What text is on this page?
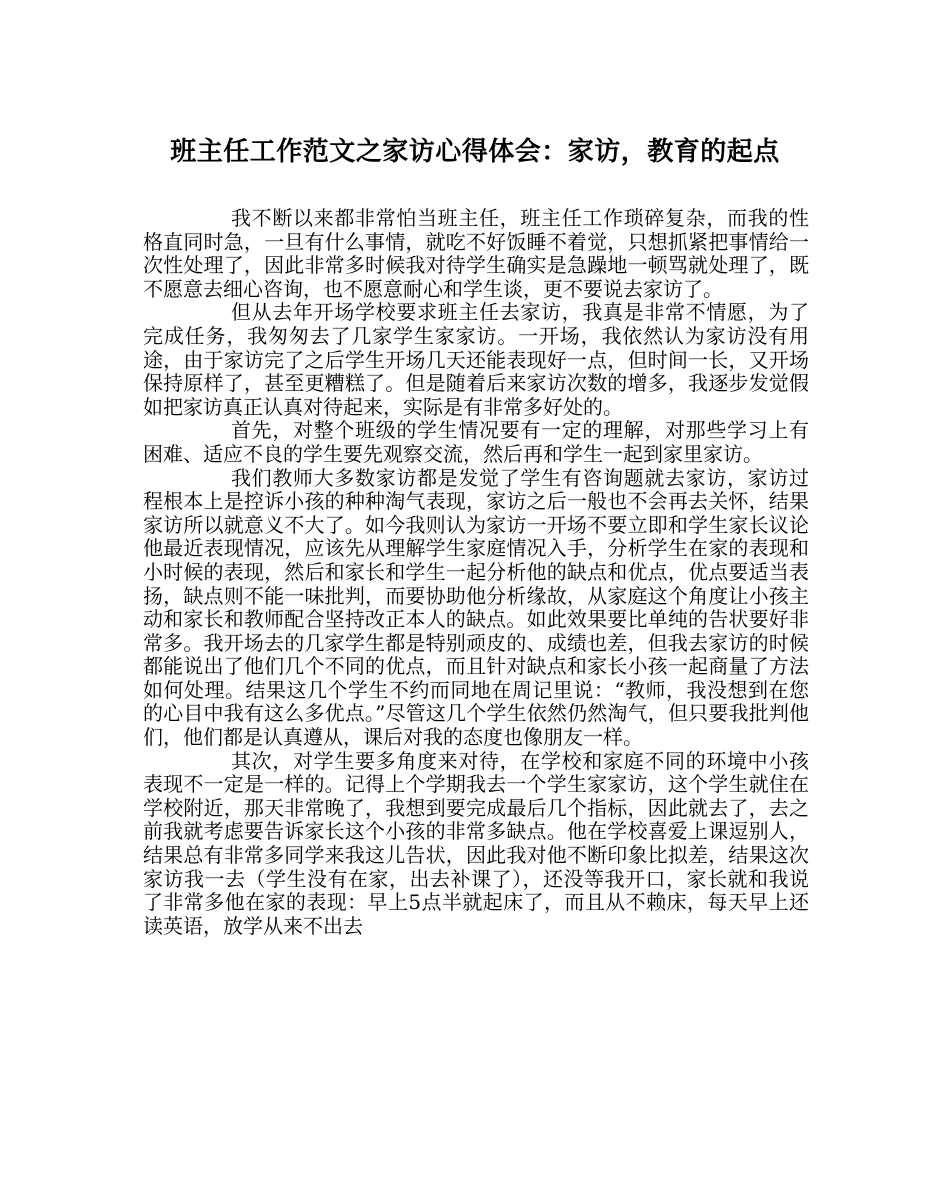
班主任工作范文之家访心得体会：家访，教育的起点

我不断以来都非常怕当班主任，班主任工作琐碎复杂，而我的性格直同时急，一旦有什么事情，就吃不好饭睡不着觉，只想抓紧把事情给一次性处理了，因此非常多时候我对待学生确实是急躁地一顿骂就处理了，既不愿意去细心咨询，也不愿意耐心和学生谈，更不要说去家访了。

但从去年开场学校要求班主任去家访，我真是非常不情愿，为了完成任务，我匆匆去了几家学生家家访。一开场，我依然认为家访没有用途，由于家访完了之后学生开场几天还能表现好一点，但时间一长，又开场保持原样了，甚至更糟糕了。但是随着后来家访次数的增多，我逐步发觉假如把家访真正认真对待起来，实际是有非常多好处的。

首先，对整个班级的学生情况要有一定的理解，对那些学习上有困难、适应不良的学生要先观察交流，然后再和学生一起到家里家访。

我们教师大多数家访都是发觉了学生有咨询题就去家访，家访过程根本上是控诉小孩的种种淘气表现，家访之后一般也不会再去关怀，结果家访所以就意义不大了。如今我则认为家访一开场不要立即和学生家长议论他最近表现情况，应该先从理解学生家庭情况入手，分析学生在家的表现和小时候的表现，然后和家长和学生一起分析他的缺点和优点，优点要适当表扬，缺点则不能一味批判，而要协助他分析缘故，从家庭这个角度让小孩主动和家长和教师配合坚持改正本人的缺点。如此效果要比单纯的告状要好非常多。我开场去的几家学生都是特别顽皮的、成绩也差，但我去家访的时候都能说出了他们几个不同的优点，而且针对缺点和家长小孩一起商量了方法如何处理。结果这几个学生不约而同地在周记里说：“教师，我没想到在您的心目中我有这么多优点。”尽管这几个学生依然仍然淘气，但只要我批判他们，他们都是认真遵从，课后对我的态度也像朋友一样。

其次，对学生要多角度来对待，在学校和家庭不同的环境中小孩表现不一定是一样的。记得上个学期我去一个学生家家访，这个学生就住在学校附近，那天非常晚了，我想到要完成最后几个指标，因此就去了，去之前我就考虑要告诉家长这个小孩的非常多缺点。他在学校喜爱上课逗别人，结果总有非常多同学来我这儿告状，因此我对他不断印象比拟差，结果这次家访我一去（学生没有在家，出去补课了），还没等我开口，家长就和我说了非常多他在家的表现：早上5点半就起床了，而且从不赖床，每天早上还读英语，放学从来不出去
